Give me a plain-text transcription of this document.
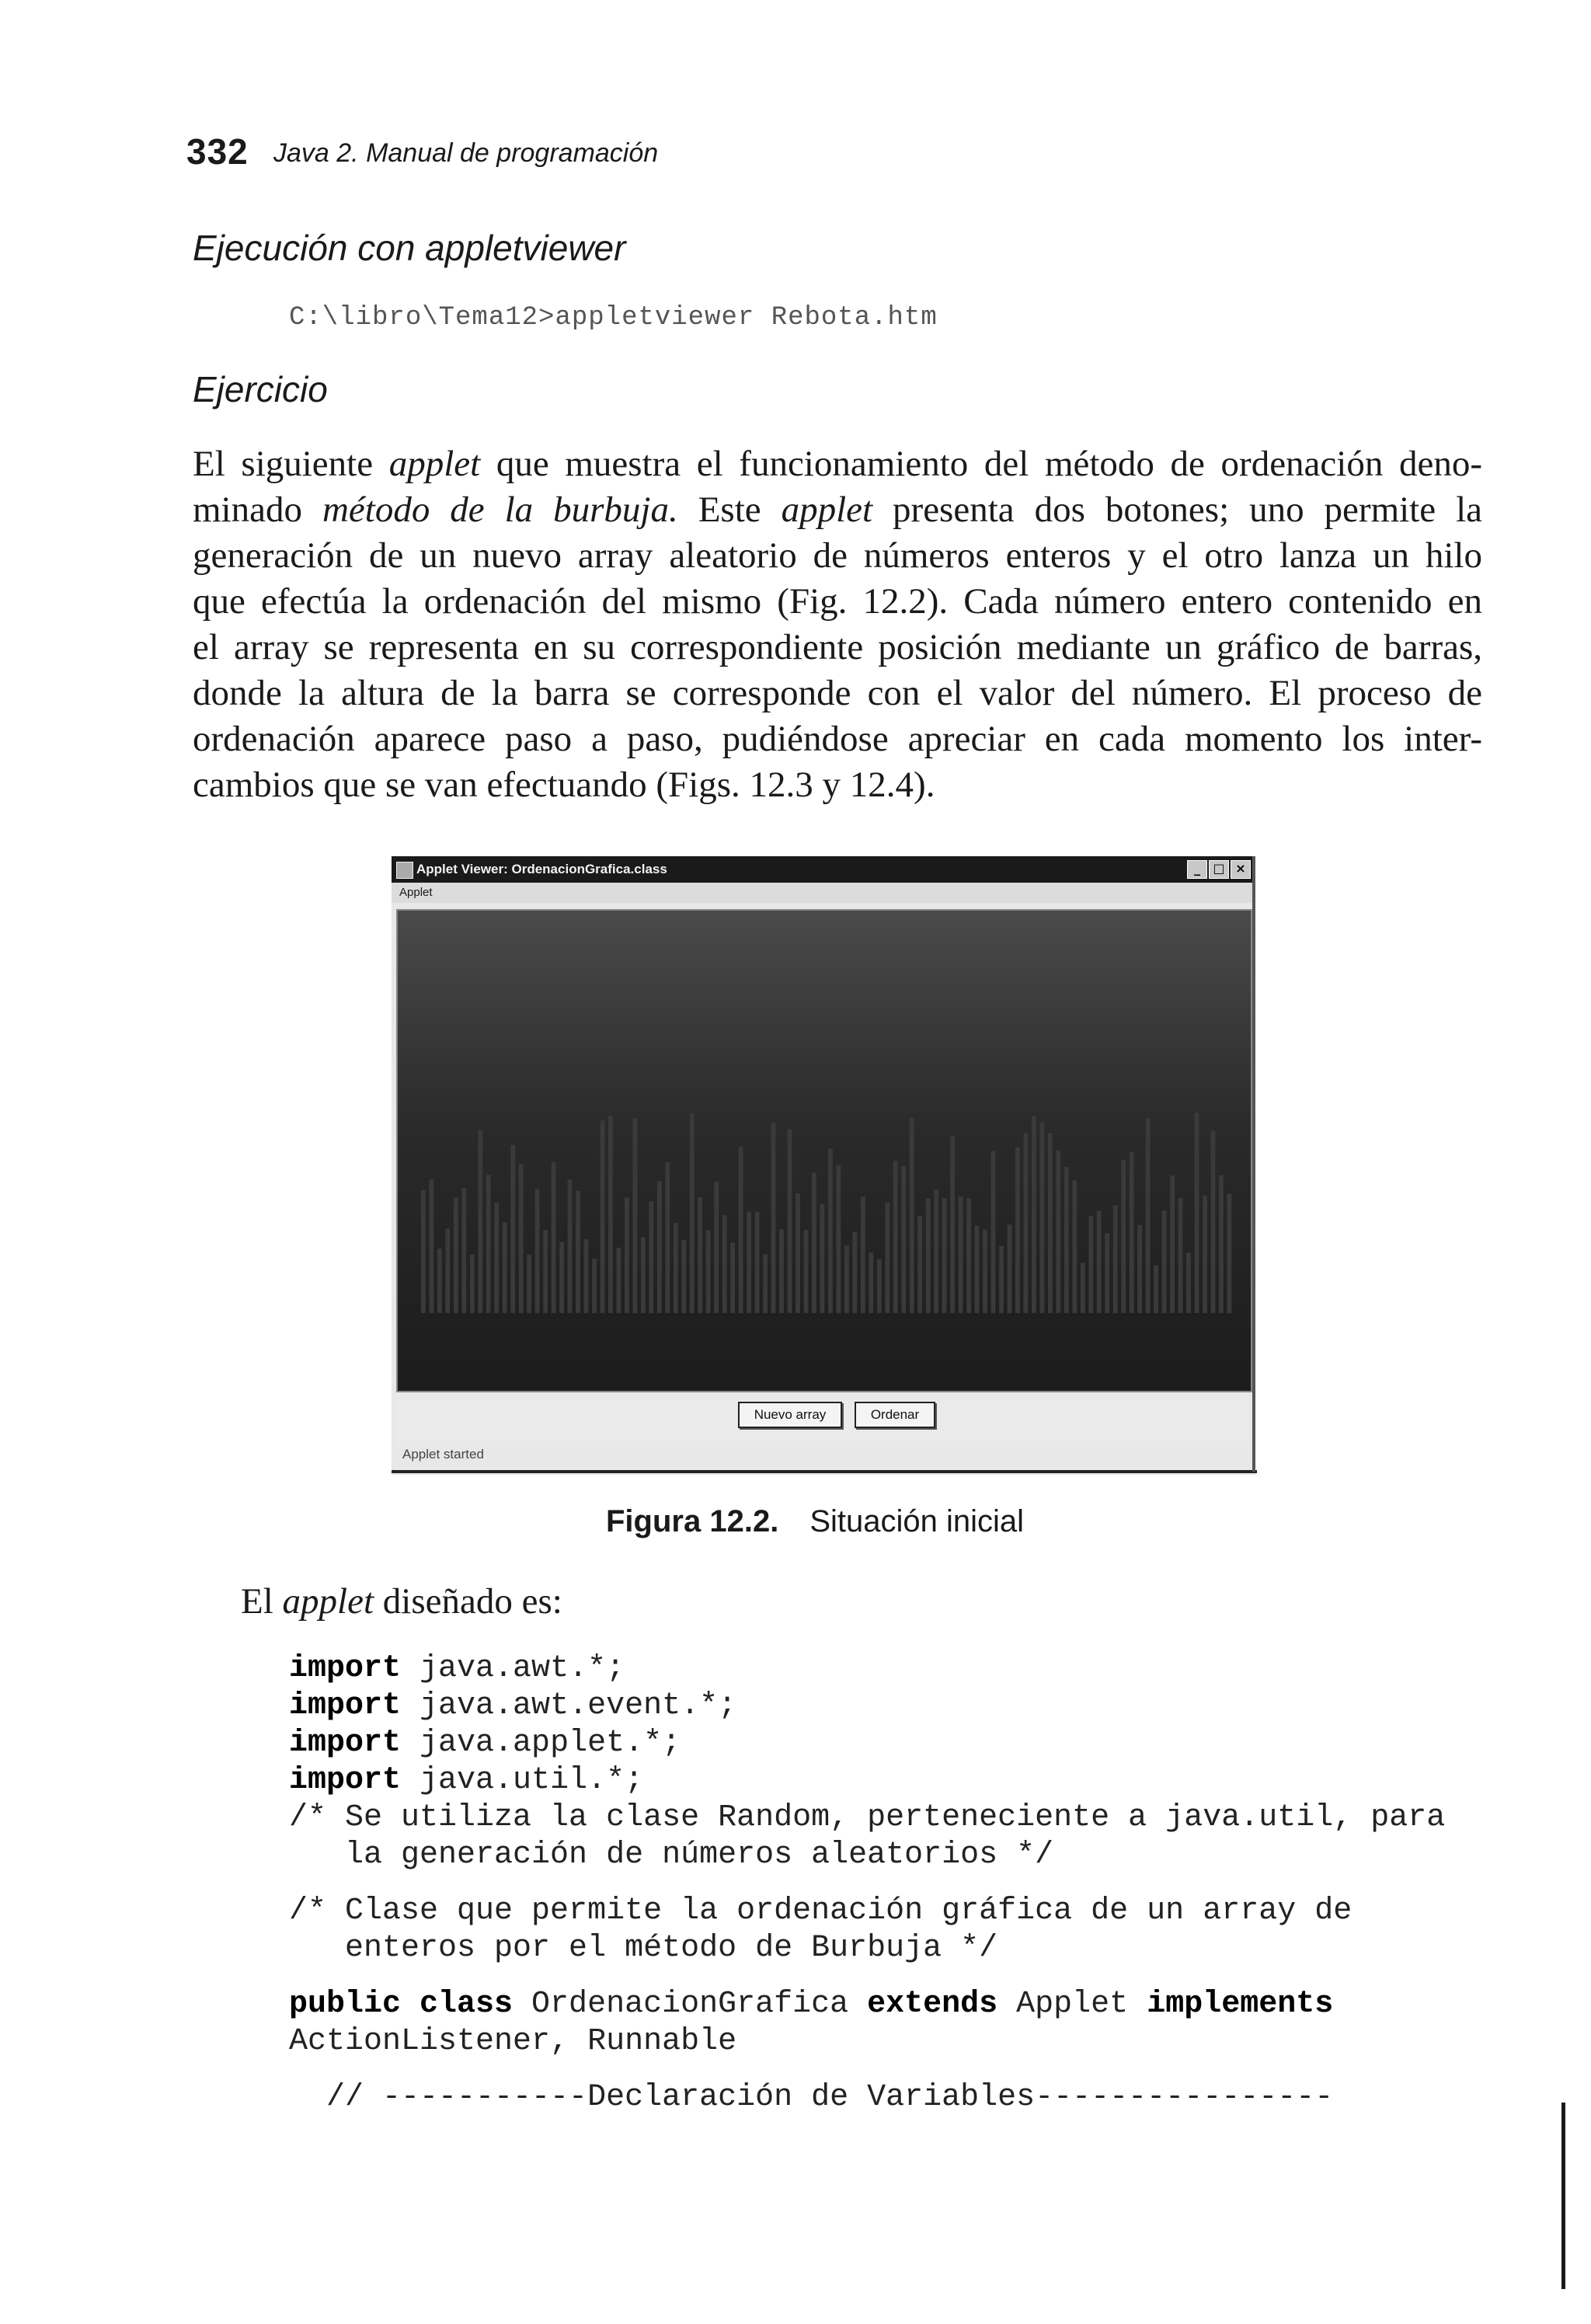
332 Java 2. Manual de programación
Ejecución con appletviewer
C:\libro\Tema12>appletviewer Rebota.htm
Ejercicio
El siguiente applet que muestra el funcionamiento del método de ordenación deno-
minado método de la burbuja. Este applet presenta dos botones; uno permite la
generación de un nuevo array aleatorio de números enteros y el otro lanza un hilo
que efectúa la ordenación del mismo (Fig. 12.2). Cada número entero contenido en
el array se representa en su correspondiente posición mediante un gráfico de barras,
donde la altura de la barra se corresponde con el valor del número. El proceso de
ordenación aparece paso a paso, pudiéndose apreciar en cada momento los inter-
cambios que se van efectuando (Figs. 12.3 y 12.4).
Applet Viewer: OrdenacionGrafica.class	_	□ ×
Applet
Nuevo array	Ordenar
Applet started
Figura 12.2. Situación inicial
El applet diseñado es:
import java.awt.*;
import java.awt.event.*;
import java.applet.*;
import java.util.*;
/* Se utiliza la clase Random, perteneciente a java.util, para
la generación de números aleatorios */
/* Clase que permite la ordenación gráfica de un array de
enteros por el método de Burbuja */
public class OrdenacionGrafica extends Applet implements
ActionListener, Runnable
// -----------Declaración de Variables----------------
